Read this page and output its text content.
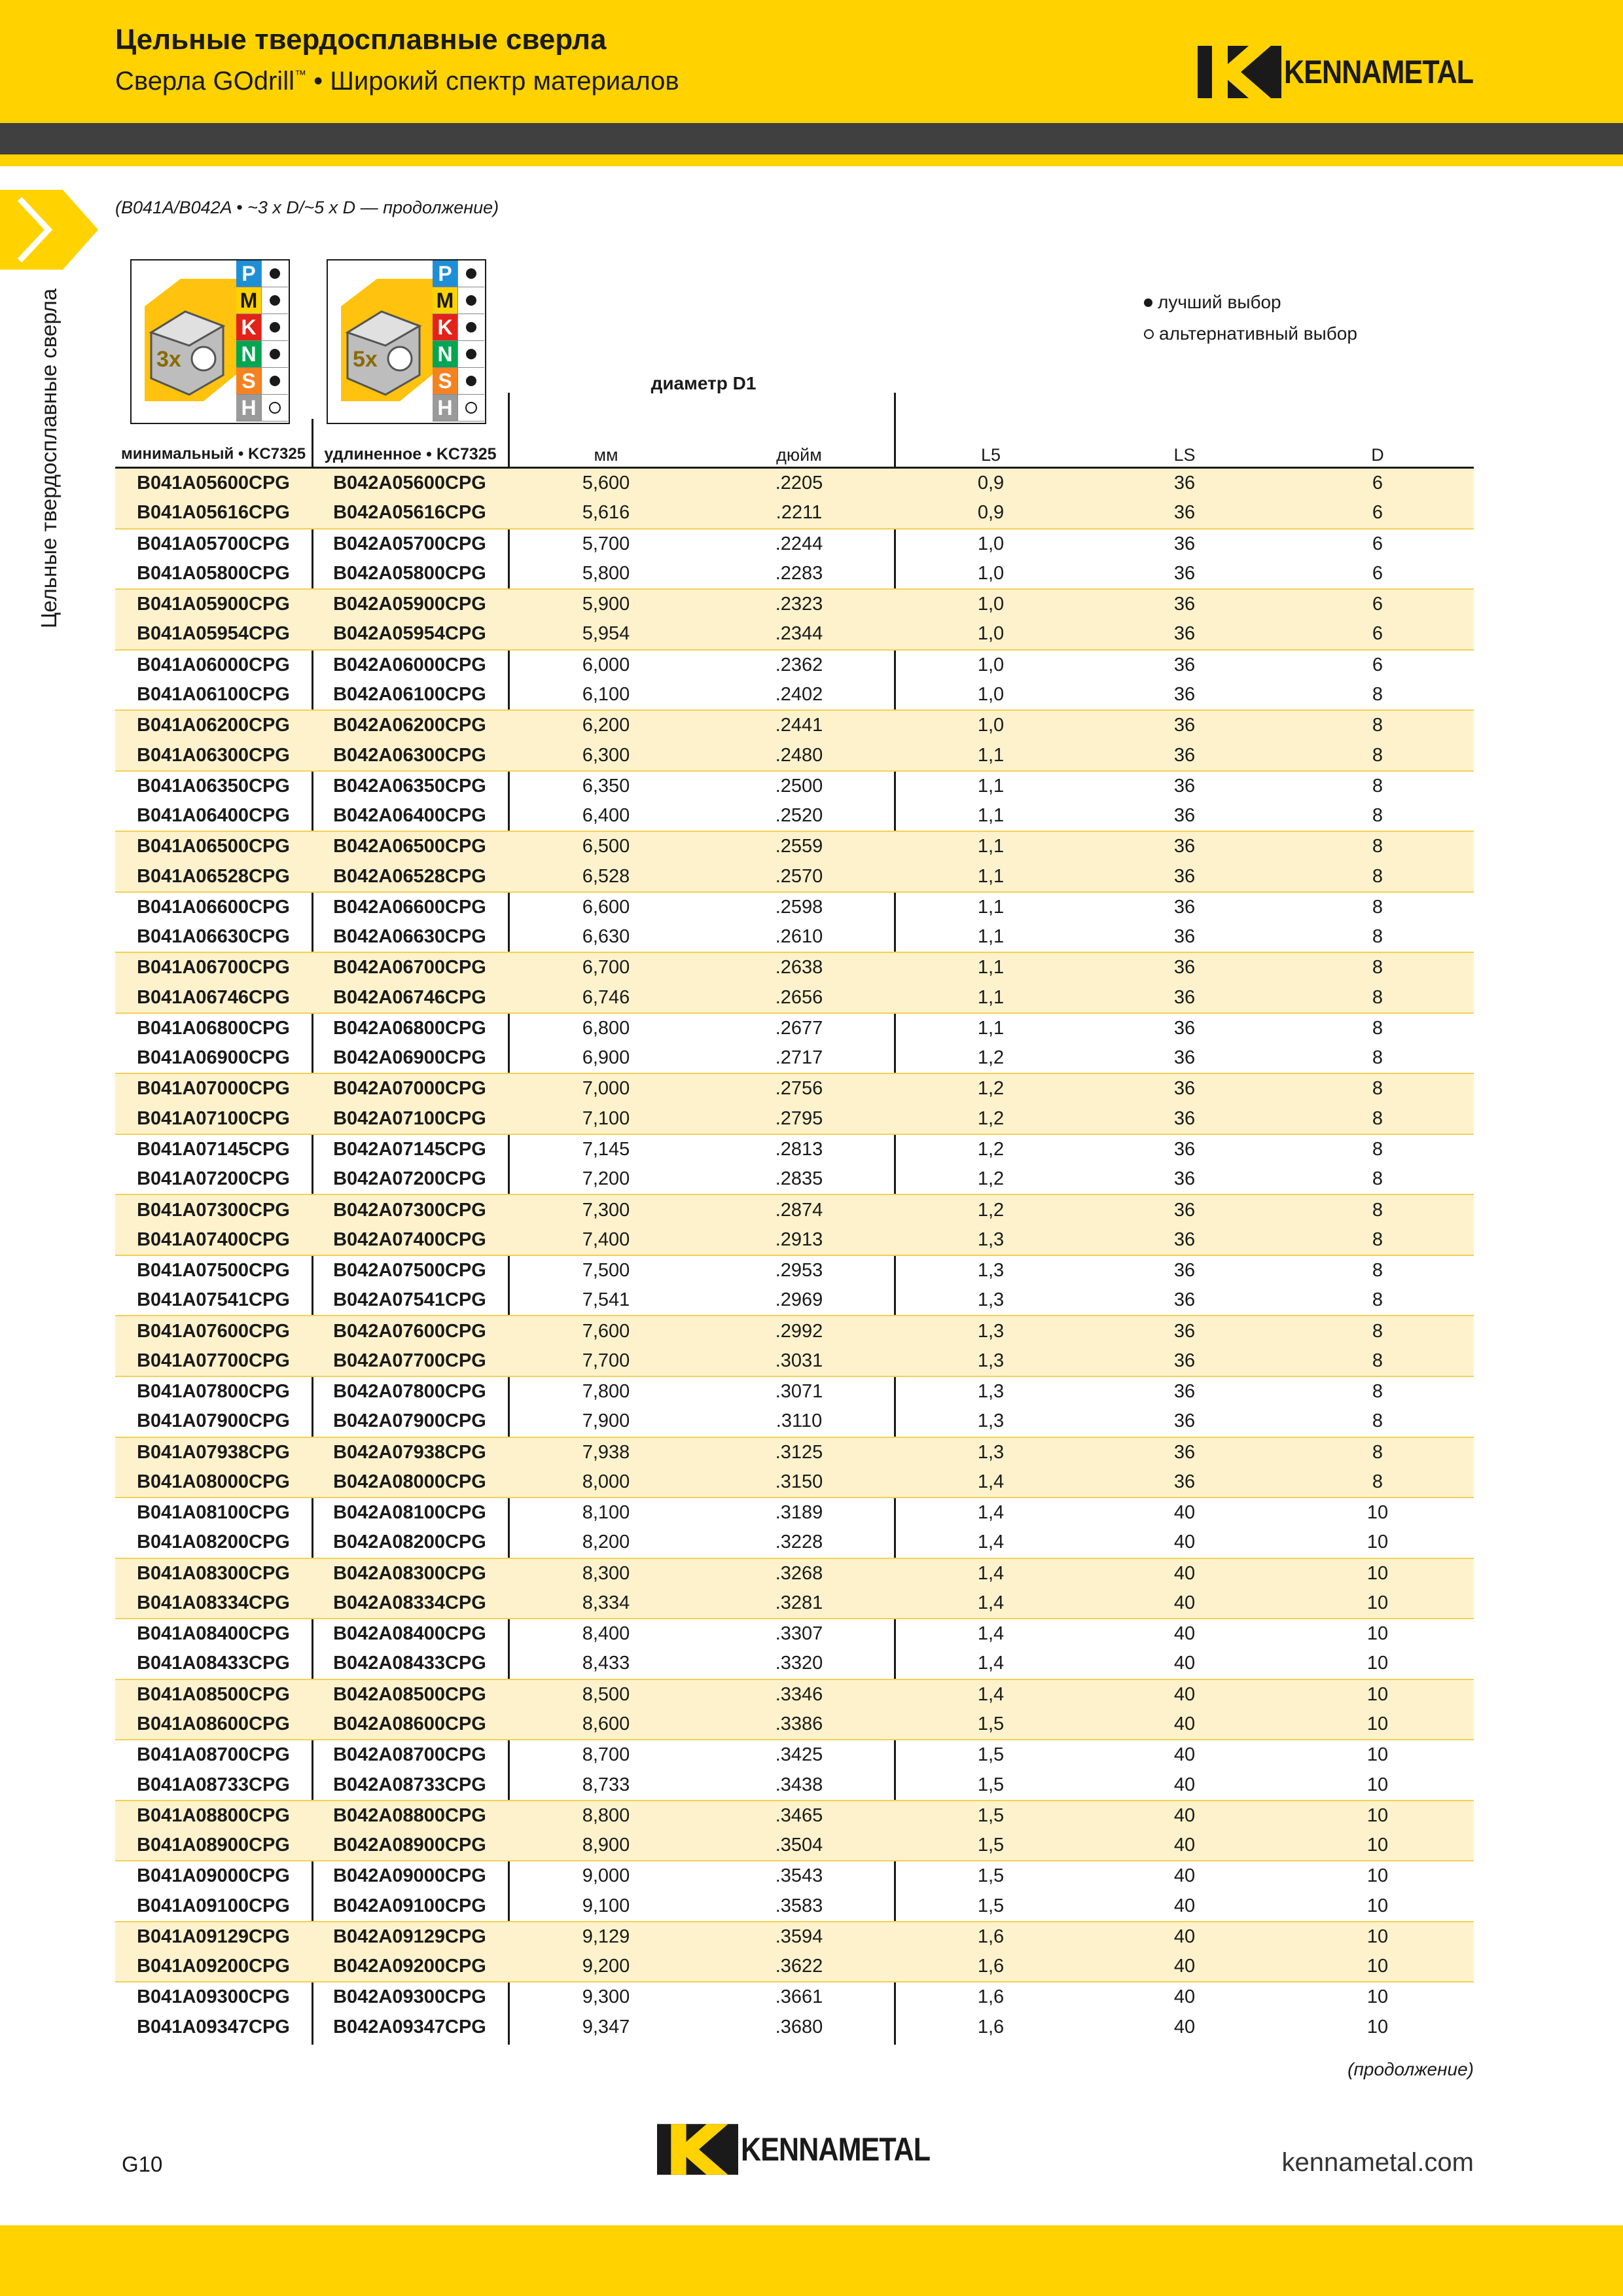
Цельные твердосплавные сверла
Сверла GOdrill™ • Широкий спектр материалов	KENNAMETAL
Цельные твердосплавные сверла
(B041A/B042A • ~3 x D/~5 x D — продолжение)
3x
P
M
K
N
S
H
5x
P
M
K
N
S
H
лучший выбор
альтернативный выбор
диаметр D1
минимальный • KC7325	удлиненное • KC7325	мм	дюйм	L5	LS	D
B041A05600CPG	B042A05600CPG	5,600	.2205	0,9	36	6
B041A05616CPG	B042A05616CPG	5,616	.2211	0,9	36	6
B041A05700CPG	B042A05700CPG	5,700	.2244	1,0	36	6
B041A05800CPG	B042A05800CPG	5,800	.2283	1,0	36	6
B041A05900CPG	B042A05900CPG	5,900	.2323	1,0	36	6
B041A05954CPG	B042A05954CPG	5,954	.2344	1,0	36	6
B041A06000CPG	B042A06000CPG	6,000	.2362	1,0	36	6
B041A06100CPG	B042A06100CPG	6,100	.2402	1,0	36	8
B041A06200CPG	B042A06200CPG	6,200	.2441	1,0	36	8
B041A06300CPG	B042A06300CPG	6,300	.2480	1,1	36	8
B041A06350CPG	B042A06350CPG	6,350	.2500	1,1	36	8
B041A06400CPG	B042A06400CPG	6,400	.2520	1,1	36	8
B041A06500CPG	B042A06500CPG	6,500	.2559	1,1	36	8
B041A06528CPG	B042A06528CPG	6,528	.2570	1,1	36	8
B041A06600CPG	B042A06600CPG	6,600	.2598	1,1	36	8
B041A06630CPG	B042A06630CPG	6,630	.2610	1,1	36	8
B041A06700CPG	B042A06700CPG	6,700	.2638	1,1	36	8
B041A06746CPG	B042A06746CPG	6,746	.2656	1,1	36	8
B041A06800CPG	B042A06800CPG	6,800	.2677	1,1	36	8
B041A06900CPG	B042A06900CPG	6,900	.2717	1,2	36	8
B041A07000CPG	B042A07000CPG	7,000	.2756	1,2	36	8
B041A07100CPG	B042A07100CPG	7,100	.2795	1,2	36	8
B041A07145CPG	B042A07145CPG	7,145	.2813	1,2	36	8
B041A07200CPG	B042A07200CPG	7,200	.2835	1,2	36	8
B041A07300CPG	B042A07300CPG	7,300	.2874	1,2	36	8
B041A07400CPG	B042A07400CPG	7,400	.2913	1,3	36	8
B041A07500CPG	B042A07500CPG	7,500	.2953	1,3	36	8
B041A07541CPG	B042A07541CPG	7,541	.2969	1,3	36	8
B041A07600CPG	B042A07600CPG	7,600	.2992	1,3	36	8
B041A07700CPG	B042A07700CPG	7,700	.3031	1,3	36	8
B041A07800CPG	B042A07800CPG	7,800	.3071	1,3	36	8
B041A07900CPG	B042A07900CPG	7,900	.3110	1,3	36	8
B041A07938CPG	B042A07938CPG	7,938	.3125	1,3	36	8
B041A08000CPG	B042A08000CPG	8,000	.3150	1,4	36	8
B041A08100CPG	B042A08100CPG	8,100	.3189	1,4	40	10
B041A08200CPG	B042A08200CPG	8,200	.3228	1,4	40	10
B041A08300CPG	B042A08300CPG	8,300	.3268	1,4	40	10
B041A08334CPG	B042A08334CPG	8,334	.3281	1,4	40	10
B041A08400CPG	B042A08400CPG	8,400	.3307	1,4	40	10
B041A08433CPG	B042A08433CPG	8,433	.3320	1,4	40	10
B041A08500CPG	B042A08500CPG	8,500	.3346	1,4	40	10
B041A08600CPG	B042A08600CPG	8,600	.3386	1,5	40	10
B041A08700CPG	B042A08700CPG	8,700	.3425	1,5	40	10
B041A08733CPG	B042A08733CPG	8,733	.3438	1,5	40	10
B041A08800CPG	B042A08800CPG	8,800	.3465	1,5	40	10
B041A08900CPG	B042A08900CPG	8,900	.3504	1,5	40	10
B041A09000CPG	B042A09000CPG	9,000	.3543	1,5	40	10
B041A09100CPG	B042A09100CPG	9,100	.3583	1,5	40	10
B041A09129CPG	B042A09129CPG	9,129	.3594	1,6	40	10
B041A09200CPG	B042A09200CPG	9,200	.3622	1,6	40	10
B041A09300CPG	B042A09300CPG	9,300	.3661	1,6	40	10
B041A09347CPG	B042A09347CPG	9,347	.3680	1,6	40	10
(продолжение)
G10	KENNAMETAL	kennametal.com
